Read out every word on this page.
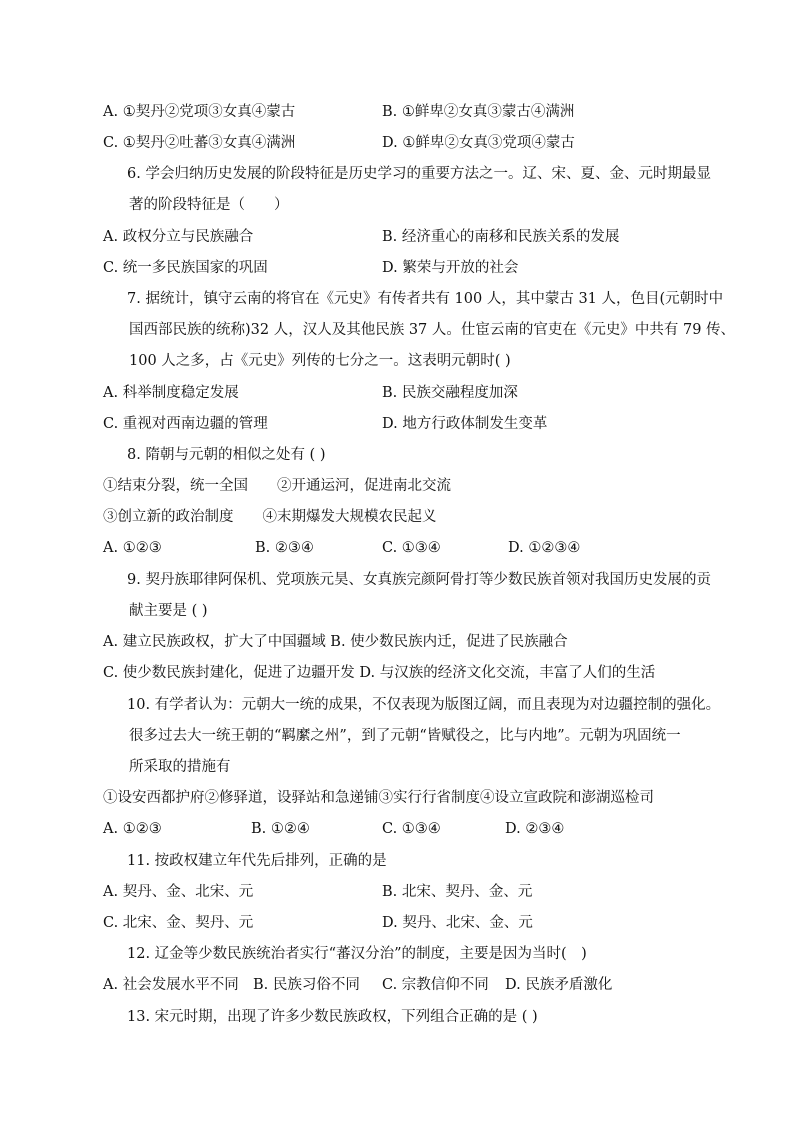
A. ①契丹②党项③女真④蒙古	B. ①鲜卑②女真③蒙古④满洲
C. ①契丹②吐蕃③女真④满洲	D. ①鲜卑②女真③党项④蒙古
6. 学会归纳历史发展的阶段特征是历史学习的重要方法之一。辽、宋、夏、金、元时期最显
著的阶段特征是（　　）
A. 政权分立与民族融合	B. 经济重心的南移和民族关系的发展
C. 统一多民族国家的巩固	D. 繁荣与开放的社会
7. 据统计，镇守云南的将官在《元史》有传者共有 100 人，其中蒙古 31 人，色目(元朝时中
国西部民族的统称)32 人，汉人及其他民族 37 人。仕宦云南的官吏在《元史》中共有 79 传、
100 人之多，占《元史》列传的七分之一。这表明元朝时( )
A. 科举制度稳定发展	B. 民族交融程度加深
C. 重视对西南边疆的管理	D. 地方行政体制发生变革
8. 隋朝与元朝的相似之处有 ( )
①结束分裂，统一全国　　②开通运河，促进南北交流
③创立新的政治制度　　④末期爆发大规模农民起义
A. ①②③	B. ②③④	C. ①③④	D. ①②③④
9. 契丹族耶律阿保机、党项族元昊、女真族完颜阿骨打等少数民族首领对我国历史发展的贡
献主要是 ( )
A. 建立民族政权，扩大了中国疆域 B. 使少数民族内迁，促进了民族融合
C. 使少数民族封建化，促进了边疆开发 D. 与汉族的经济文化交流，丰富了人们的生活
10. 有学者认为：元朝大一统的成果，不仅表现为版图辽阔，而且表现为对边疆控制的强化。
很多过去大一统王朝的“羁縻之州”，到了元朝“皆赋役之，比与内地”。元朝为巩固统一
所采取的措施有
①设安西都护府②修驿道，设驿站和急递铺③实行行省制度④设立宣政院和澎湖巡检司
A. ①②③	B. ①②④	C. ①③④	D. ②③④
11. 按政权建立年代先后排列，正确的是
A. 契丹、金、北宋、元	B. 北宋、契丹、金、元
C. 北宋、金、契丹、元	D. 契丹、北宋、金、元
12. 辽金等少数民族统治者实行“蕃汉分治”的制度，主要是因为当时(　)
A. 社会发展水平不同 B. 民族习俗不同 C. 宗教信仰不同 D. 民族矛盾激化
13. 宋元时期，出现了许多少数民族政权，下列组合正确的是 ( )
